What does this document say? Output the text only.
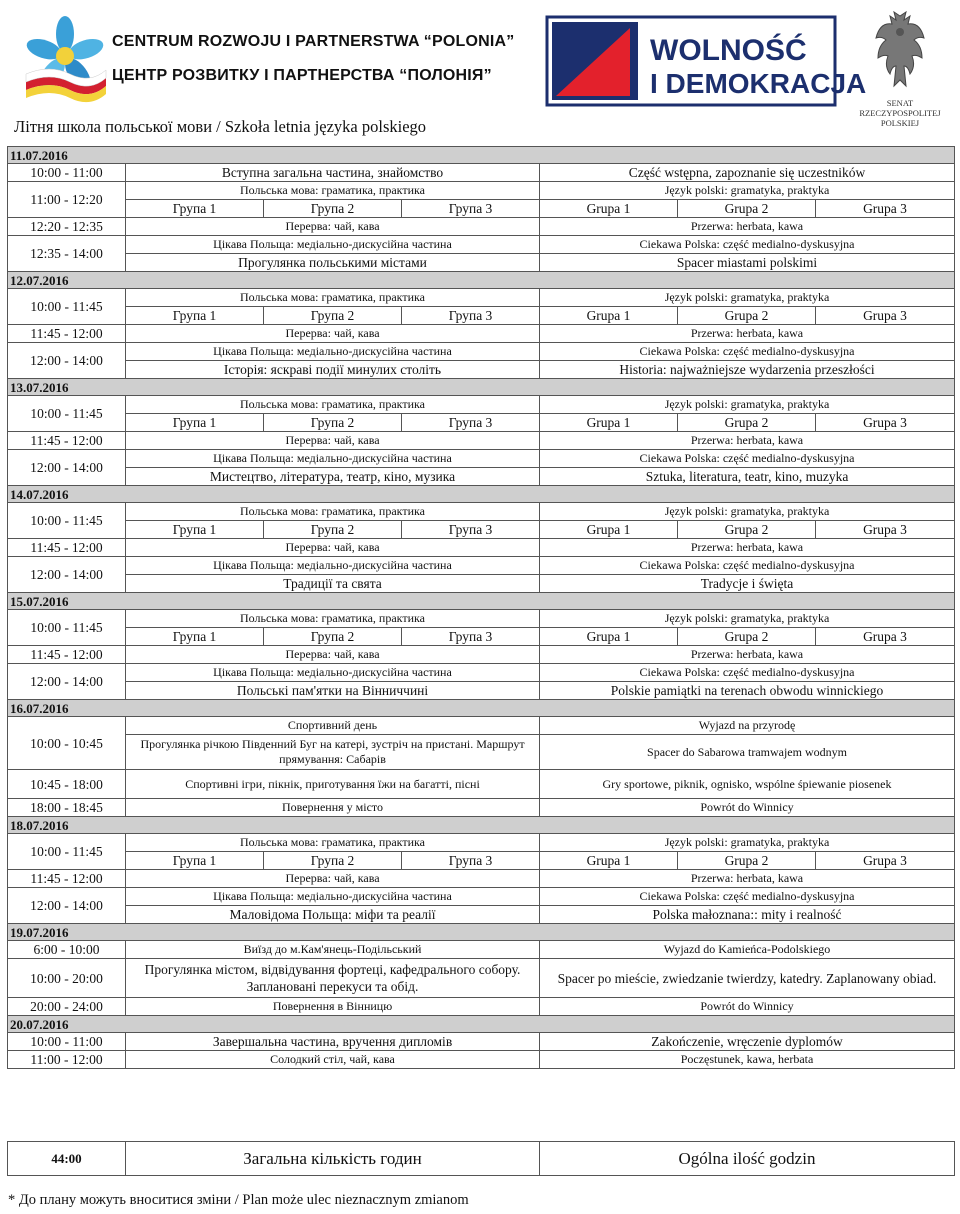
CENTRUM ROZWOJU I PARTNERSTWA “POLONIA”
ЦЕНТР РОЗВИТКУ І ПАРТНЕРСТВА “ПОЛОНІЯ”
WOLNOŚĆ
I DEMOKRACJA
SENAT
RZECZYPOSPOLITEJ
POLSKIEJ
Літня школа польської мови / Szkoła letnia języka polskiego
11.07.2016						
10:00 - 11:00	Вступна загальна частина, знайомство			Część wstępna, zapoznanie się uczestników		
11:00 - 12:20	Польська мова: граматика, практика			Język polski: gramatyka, praktyka		
	Група 1	Група 2	Група 3	Grupa 1	Grupa 2	Grupa 3
12:20 - 12:35	Перерва: чай, кава			Przerwa: herbata, kawa		
12:35 - 14:00	Цікава Польща: медіально-дискусійна частина			Ciekawa Polska: część medialno-dyskusyjna		
	Прогулянка польськими містами			Spacer miastami polskimi		
12.07.2016						
10:00 - 11:45	Польська мова: граматика, практика			Język polski: gramatyka, praktyka		
	Група 1	Група 2	Група 3	Grupa 1	Grupa 2	Grupa 3
11:45 - 12:00	Перерва: чай, кава			Przerwa: herbata, kawa		
12:00 - 14:00	Цікава Польща: медіально-дискусійна частина			Ciekawa Polska: część medialno-dyskusyjna		
	Історія: яскраві події минулих століть			Historia: najważniejsze wydarzenia przeszłości		
13.07.2016						
10:00 - 11:45	Польська мова: граматика, практика			Język polski: gramatyka, praktyka		
	Група 1	Група 2	Група 3	Grupa 1	Grupa 2	Grupa 3
11:45 - 12:00	Перерва: чай, кава			Przerwa: herbata, kawa		
12:00 - 14:00	Цікава Польща: медіально-дискусійна частина			Ciekawa Polska: część medialno-dyskusyjna		
	Мистецтво, література, театр, кіно, музика			Sztuka, literatura, teatr, kino, muzyka		
14.07.2016						
10:00 - 11:45	Польська мова: граматика, практика			Język polski: gramatyka, praktyka		
	Група 1	Група 2	Група 3	Grupa 1	Grupa 2	Grupa 3
11:45 - 12:00	Перерва: чай, кава			Przerwa: herbata, kawa		
12:00 - 14:00	Цікава Польща: медіально-дискусійна частина			Ciekawa Polska: część medialno-dyskusyjna		
	Традиції та свята			Tradycje i święta		
15.07.2016						
10:00 - 11:45	Польська мова: граматика, практика			Język polski: gramatyka, praktyka		
	Група 1	Група 2	Група 3	Grupa 1	Grupa 2	Grupa 3
11:45 - 12:00	Перерва: чай, кава			Przerwa: herbata, kawa		
12:00 - 14:00	Цікава Польща: медіально-дискусійна частина			Ciekawa Polska: część medialno-dyskusyjna		
	Польські пам'ятки на Вінниччині			Polskie pamiątki na terenach obwodu winnickiego		
16.07.2016						
10:00 - 10:45	Спортивний день			Wyjazd na przyrodę		
	Прогулянка річкою Південний Буг на катері, зустріч на пристані. Маршрут прямування: Сабарів			Spacer do Sabarowa tramwajem wodnym		
10:45 - 18:00	Спортивні ігри, пікнік, приготування їжи на багатті, пісні			Gry sportowe, piknik, ognisko, wspólne śpiewanie piosenek		
18:00 - 18:45	Повернення у місто			Powrót do Winnicy		
18.07.2016						
10:00 - 11:45	Польська мова: граматика, практика			Język polski: gramatyka, praktyka		
	Група 1	Група 2	Група 3	Grupa 1	Grupa 2	Grupa 3
11:45 - 12:00	Перерва: чай, кава			Przerwa: herbata, kawa		
12:00 - 14:00	Цікава Польща: медіально-дискусійна частина			Ciekawa Polska: część medialno-dyskusyjna		
	Маловідома Польща: міфи та реалії			Polska małoznana:: mity i realność		
19.07.2016						
6:00 - 10:00	Виїзд до м.Кам'янець-Подільський			Wyjazd do Kamieńca-Podolskiego		
10:00 - 20:00	Прогулянка містом, відвідування фортеці, кафедрального собору. Заплановані перекуси та обід.			Spacer po mieście, zwiedzanie twierdzy, katedry. Zaplanowany obiad.		
20:00 - 24:00	Повернення в Вінницю			Powrót do Winnicy		
20.07.2016						
10:00 - 11:00	Завершальна частина, вручення дипломів			Zakończenie, wręczenie dyplomów		
11:00 - 12:00	Солодкий стіл, чай, кава			Poczęstunek, kawa, herbata		
44:00	Загальна кількість годин	Ogólna ilość godzin
* До плану можуть вноситися зміни / Plan może ulec nieznacznym zmianom
